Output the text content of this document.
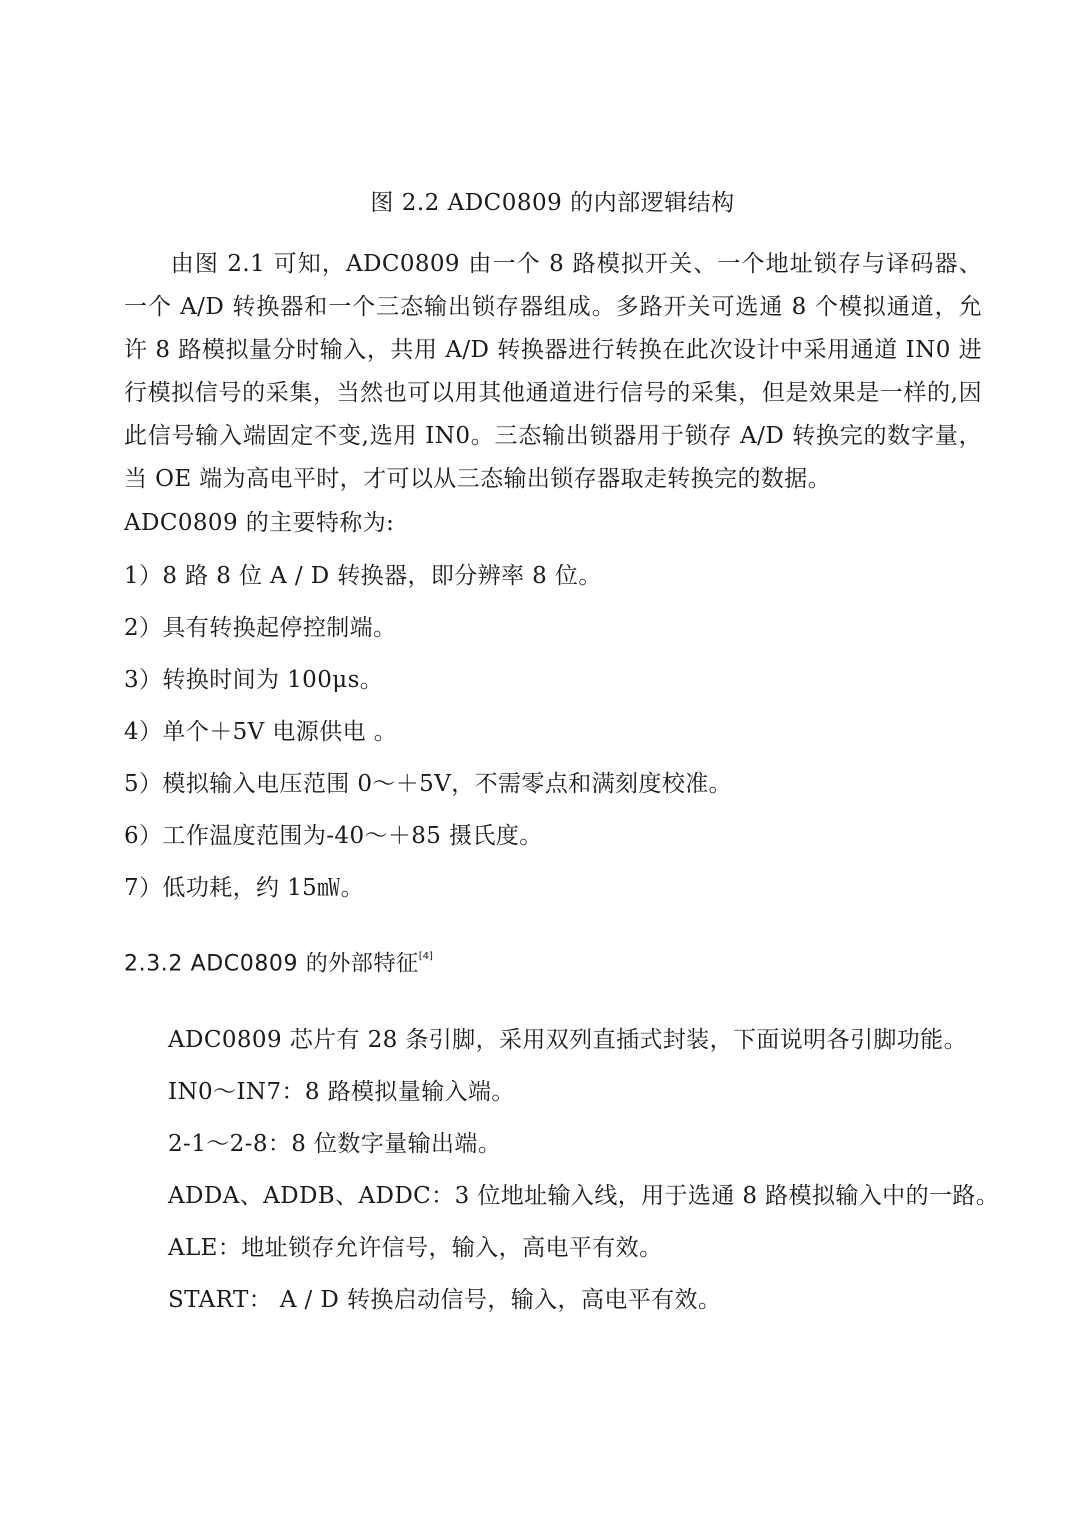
图 2.2 ADC0809 的内部逻辑结构
由图 2.1 可知，ADC0809 由一个 8 路模拟开关、一个地址锁存与译码器、一个 A/D 转换器和一个三态输出锁存器组成。多路开关可选通 8 个模拟通道，允许 8 路模拟量分时输入，共用 A/D 转换器进行转换在此次设计中采用通道 IN0 进行模拟信号的采集，当然也可以用其他通道进行信号的采集，但是效果是一样的,因此信号输入端固定不变,选用 IN0。三态输出锁器用于锁存 A/D 转换完的数字量，当 OE 端为高电平时，才可以从三态输出锁存器取走转换完的数据。
ADC0809 的主要特称为:
1）8 路 8 位 A / D 转换器，即分辨率 8 位。
2）具有转换起停控制端。
3）转换时间为 100μs。
4）单个＋5V 电源供电 。
5）模拟输入电压范围 0～＋5V，不需零点和满刻度校准。
6）工作温度范围为-40～＋85 摄氏度。
7）低功耗，约 15㎽。
2.3.2 ADC0809 的外部特征[4]
ADC0809 芯片有 28 条引脚，采用双列直插式封装，下面说明各引脚功能。
IN0～IN7：8 路模拟量输入端。
2-1～2-8：8 位数字量输出端。
ADDA、ADDB、ADDC：3 位地址输入线，用于选通 8 路模拟输入中的一路。
ALE：地址锁存允许信号，输入，高电平有效。
START： A / D 转换启动信号，输入，高电平有效。
